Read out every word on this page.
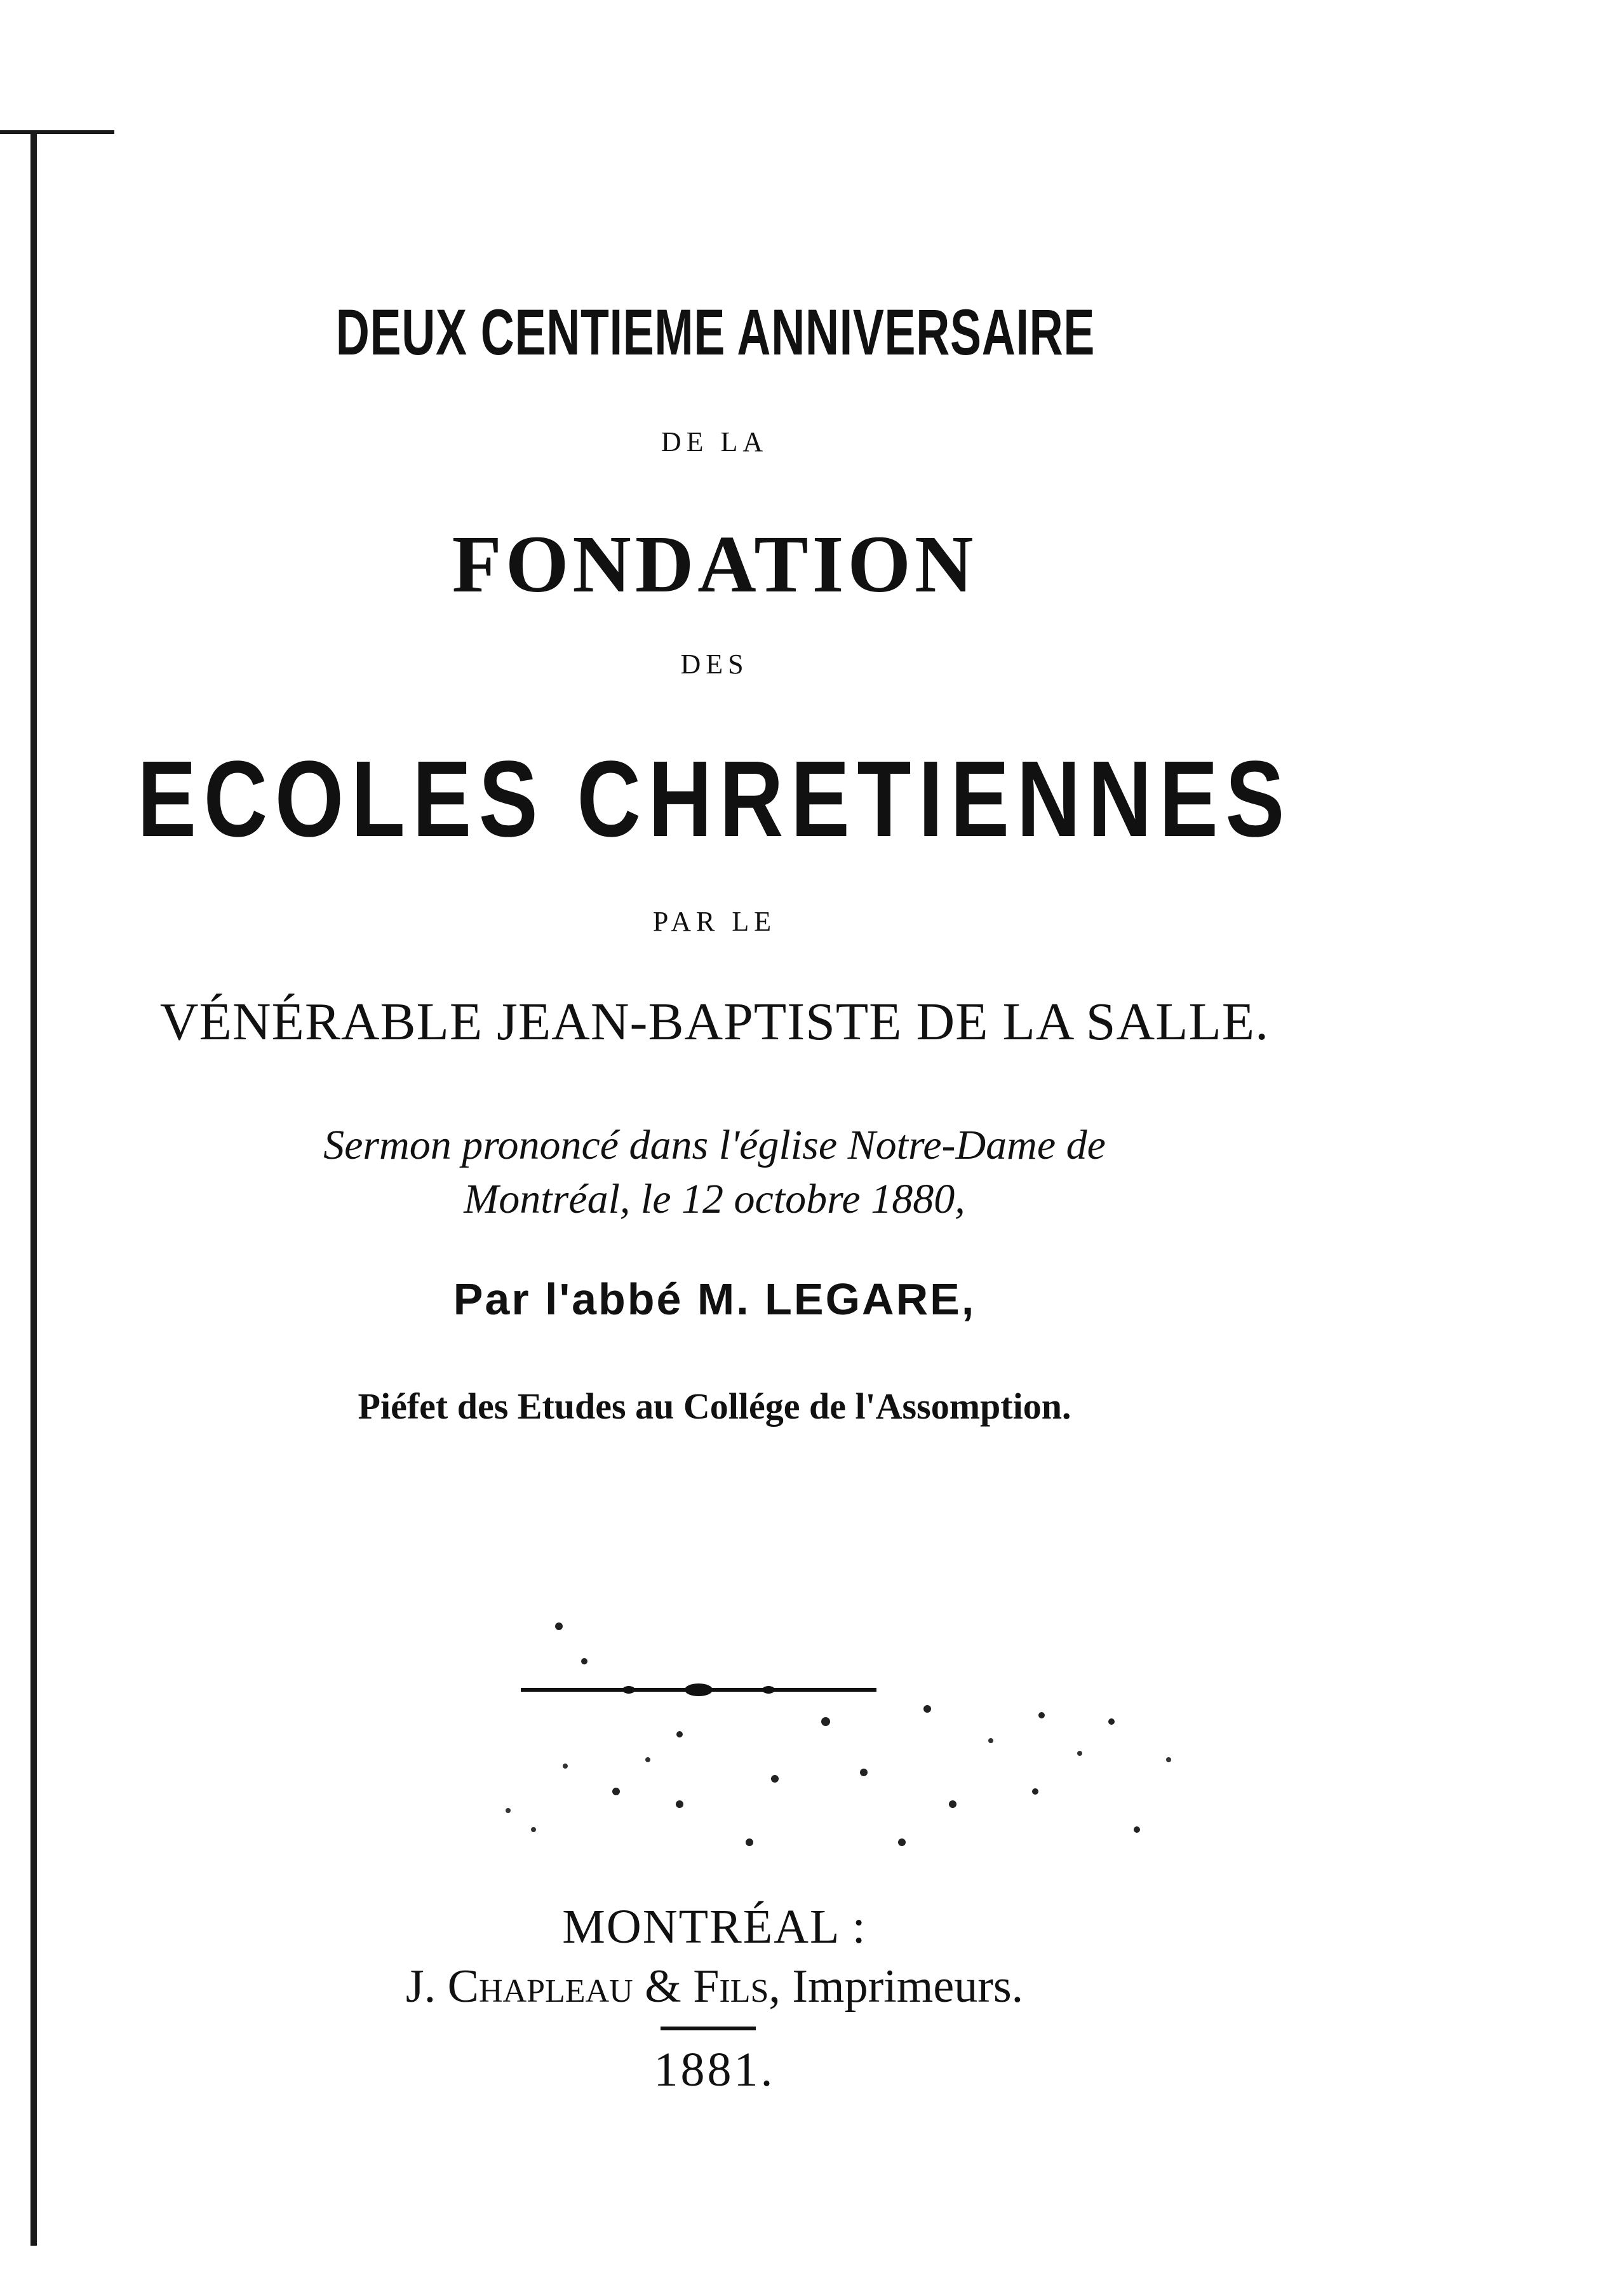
DEUX CENTIEME ANNIVERSAIRE
DE LA
FONDATION
DES
ECOLES CHRETIENNES
PAR LE
VÉNÉRABLE JEAN-BAPTISTE DE LA SALLE.
Sermon prononcé dans l'église Notre-Dame de
Montréal, le 12 octobre 1880,
Par l'abbé M. LEGARE,
Piéfet des Etudes au Collége de l'Assomption.
MONTRÉAL :
J. Chapleau & Fils, Imprimeurs.
1881.
